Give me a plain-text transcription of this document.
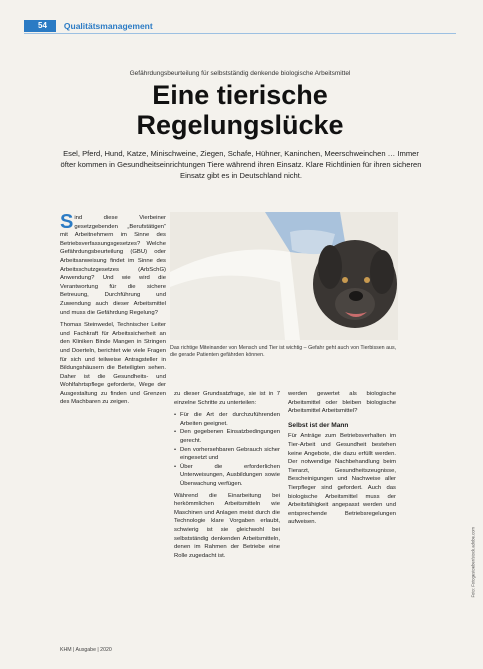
54	Qualitätsmanagement
Gefährdungsbeurteilung für selbstständig denkende biologische Arbeitsmittel
Eine tierische
Regelungslücke
Esel, Pferd, Hund, Katze, Minischweine, Ziegen, Schafe, Hühner, Kaninchen, Meerschweinchen … Immer öfter kommen in Gesundheitseinrichtungen Tiere während ihren Einsatz. Klare Richtlinien für ihren sicheren Einsatz gibt es in Deutschland nicht.

Sind diese Vierbeiner gesetzgebenden „Berufstätigen“ mit Arbeitnehmern im Sinne des Betriebsverfassungsgesetzes? Welche Gefährdungsbeurteilung (GBU) oder Arbeitsanweisung findet im Sinne des Arbeitsschutzgesetzes (ArbSchG) Anwendung? Und wie wird die Verantwortung für die sichere Betreuung, Durchführung und Zuwendung auch dieser Arbeitsmittel und muss die Gefährdung Regelung?

Thomas Steinwedel, Technischer Leiter und Fachkraft für Arbeitssicherheit an den Kliniken Binde Mangen in Stringen und Doerteln, berichtet wie viele Fragen für sich und teilweise Antragsteller in Bildungshäusern die Beteiligten sehen. Daher ist die Gesundheits- und Wohlfahrtspflege geforderte, Wege der Ausgestaltung zu finden und Grenzen des Machbaren zu zeigen.

Das richtige Miteinander von Mensch und Tier ist wichtig – Gefahr geht auch von Tierbissen aus, die gerade Patienten gefährden können.

zu dieser Grundsatzfrage, sie ist in 7 einzelne Schritte zu unterteilen:

• Für die Art der durchzuführenden Arbeiten geeignet.
• Den gegebenen Einsatzbedingungen gerecht.
• Den vorhersehbaren Gebrauch sicher eingesetzt und
• Über die erforderlichen Unterweisungen, Ausbildungen sowie Überwachung verfügen.

Während die Einarbeitung bei herkömmlichen Arbeitsmitteln wie Maschinen und Anlagen meist durch die Technologie klare Vorgaben erlaubt, schwierig ist sie gleichwohl bei selbstständig denkenden Arbeitsmitteln, denen im Rahmen der Betriebe eine Rolle zugedacht ist.

werden gewertet als biologische Arbeitsmittel oder bleiben biologische Arbeitsmittel Arbeitsmittel?

Selbst ist der Mann

Für Anträge zum Betriebsverhalten im Tier-Arbeit und Gesundheit bestehen keine Angebote, die dazu erfüllt werden. Der notwendige Nachbehandlung beim Tierarzt, Gesundheitszeugnisse, Bescheinigungen und Nachweise aller Tierpfleger sind gefordert. Auch das biologische Arbeitsmittel muss der Arbeitsfähigkeit angepasst werden und entsprechende Betriebsregelungen aufweisen.

Foto: Fotogestoeber/stock.adobe.com
KHM | Ausgabe | 2020
